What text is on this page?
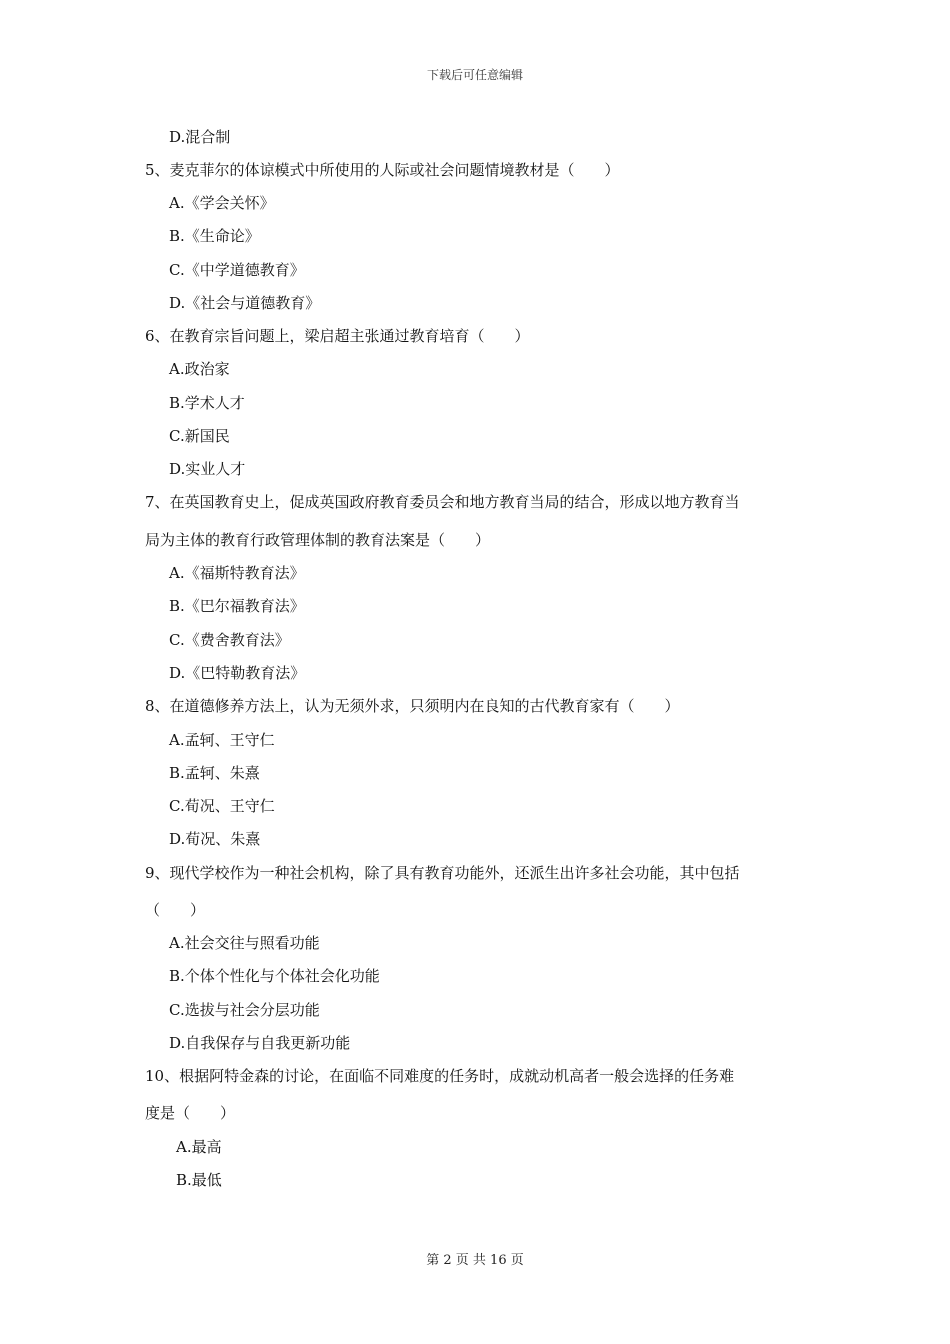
下载后可任意编辑
D.混合制
5、麦克菲尔的体谅模式中所使用的人际或社会问题情境教材是（　　）
A.《学会关怀》
B.《生命论》
C.《中学道德教育》
D.《社会与道德教育》
6、在教育宗旨问题上，梁启超主张通过教育培育（　　）
A.政治家
B.学术人才
C.新国民
D.实业人才
7、在英国教育史上，促成英国政府教育委员会和地方教育当局的结合，形成以地方教育当
局为主体的教育行政管理体制的教育法案是（　　）
A.《福斯特教育法》
B.《巴尔福教育法》
C.《费舍教育法》
D.《巴特勒教育法》
8、在道德修养方法上，认为无须外求，只须明内在良知的古代教育家有（　　）
A.孟轲、王守仁
B.孟轲、朱熹
C.荀况、王守仁
D.荀况、朱熹
9、现代学校作为一种社会机构，除了具有教育功能外，还派生出许多社会功能，其中包括
（　　）
A.社会交往与照看功能
B.个体个性化与个体社会化功能
C.选拔与社会分层功能
D.自我保存与自我更新功能
10、根据阿特金森的讨论，在面临不同难度的任务时，成就动机高者一般会选择的任务难
度是（　　）
A.最高
B.最低
第 2 页 共 16 页
